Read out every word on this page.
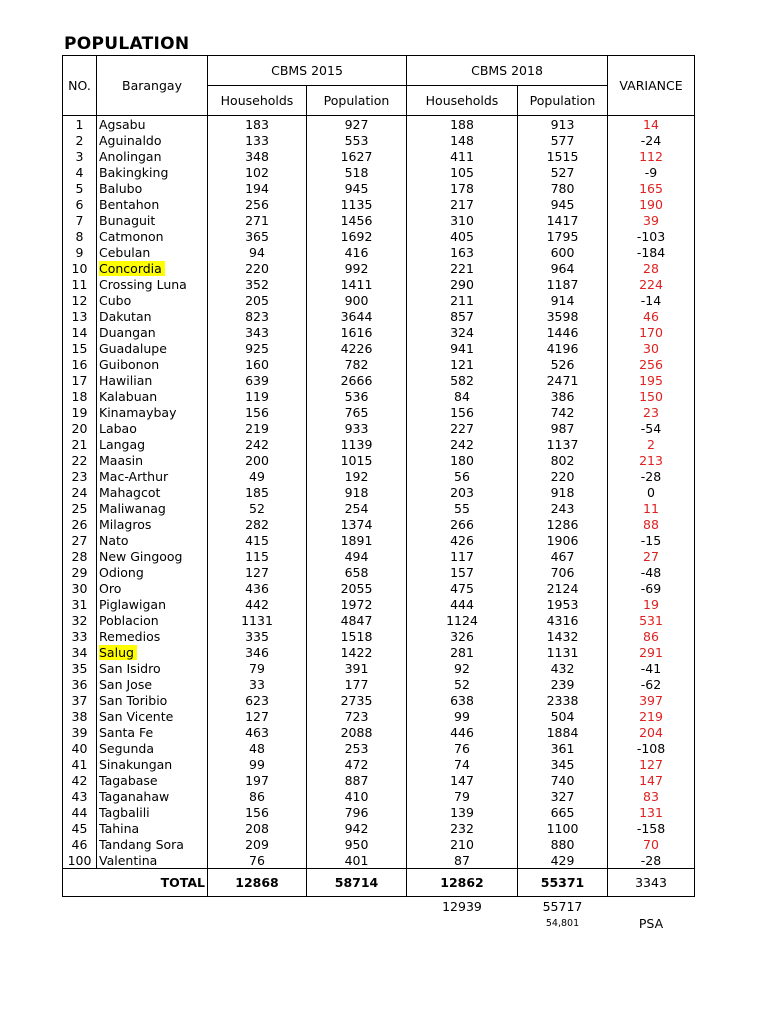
POPULATION
NO.	Barangay	CBMS 2015		CBMS 2018		VARIANCE
		Households	Population	Households	Population	
1	Agsabu	183	927	188	913	14
2	Aguinaldo	133	553	148	577	-24
3	Anolingan	348	1627	411	1515	112
4	Bakingking	102	518	105	527	-9
5	Balubo	194	945	178	780	165
6	Bentahon	256	1135	217	945	190
7	Bunaguit	271	1456	310	1417	39
8	Catmonon	365	1692	405	1795	-103
9	Cebulan	94	416	163	600	-184
10	Concordia	220	992	221	964	28
11	Crossing Luna	352	1411	290	1187	224
12	Cubo	205	900	211	914	-14
13	Dakutan	823	3644	857	3598	46
14	Duangan	343	1616	324	1446	170
15	Guadalupe	925	4226	941	4196	30
16	Guibonon	160	782	121	526	256
17	Hawilian	639	2666	582	2471	195
18	Kalabuan	119	536	84	386	150
19	Kinamaybay	156	765	156	742	23
20	Labao	219	933	227	987	-54
21	Langag	242	1139	242	1137	2
22	Maasin	200	1015	180	802	213
23	Mac-Arthur	49	192	56	220	-28
24	Mahagcot	185	918	203	918	0
25	Maliwanag	52	254	55	243	11
26	Milagros	282	1374	266	1286	88
27	Nato	415	1891	426	1906	-15
28	New Gingoog	115	494	117	467	27
29	Odiong	127	658	157	706	-48
30	Oro	436	2055	475	2124	-69
31	Piglawigan	442	1972	444	1953	19
32	Poblacion	1131	4847	1124	4316	531
33	Remedios	335	1518	326	1432	86
34	Salug	346	1422	281	1131	291
35	San Isidro	79	391	92	432	-41
36	San Jose	33	177	52	239	-62
37	San Toribio	623	2735	638	2338	397
38	San Vicente	127	723	99	504	219
39	Santa Fe	463	2088	446	1884	204
40	Segunda	48	253	76	361	-108
41	Sinakungan	99	472	74	345	127
42	Tagabase	197	887	147	740	147
43	Taganahaw	86	410	79	327	83
44	Tagbalili	156	796	139	665	131
45	Tahina	208	942	232	1100	-158
46	Tandang Sora	209	950	210	880	70
100	Valentina	76	401	87	429	-28
	TOTAL	12868	58714	12862	55371	3343
				12939	55717	
					54,801	PSA
